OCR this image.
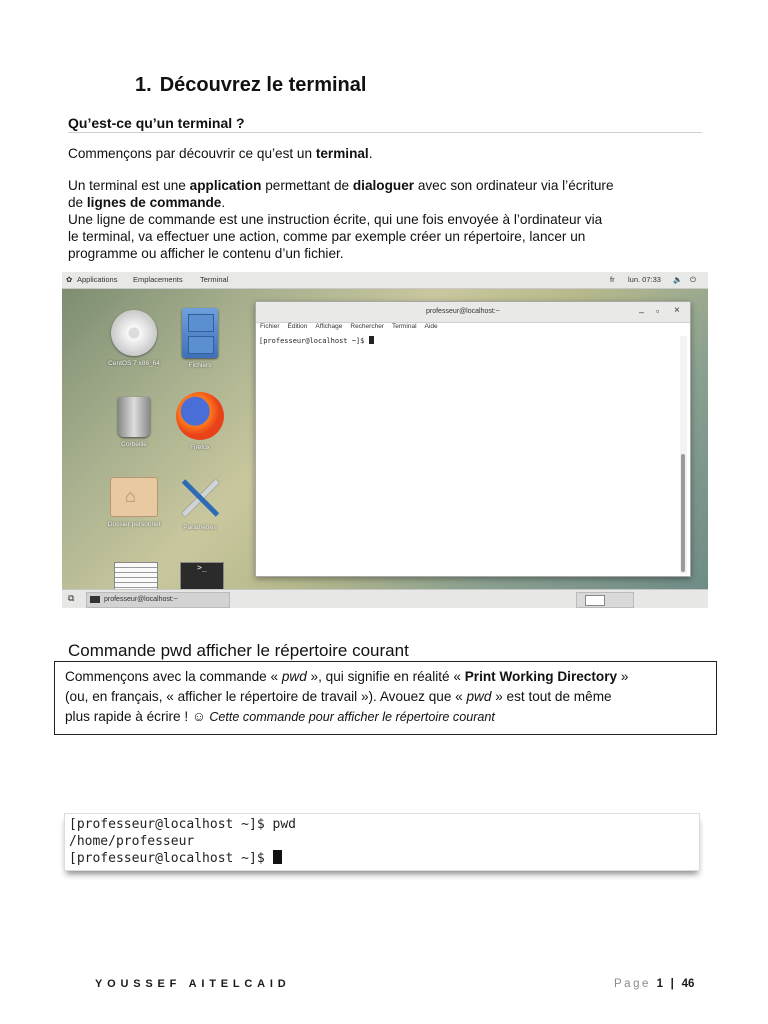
1. Découvrez le terminal
Qu’est-ce qu’un terminal ?
Commençons par découvrir ce qu’est un terminal.
Un terminal est une application permettant de dialoguer avec son ordinateur via l’écriture
de lignes de commande.
Une ligne de commande est une instruction écrite, qui une fois envoyée à l’ordinateur via
le terminal, va effectuer une action, comme par exemple créer un répertoire, lancer un
programme ou afficher le contenu d’un fichier.
✿ Applications Emplacements Terminal	fr lun. 07:33 🔈 ⏻
CentOS 7 x86_64	Fichiers
Corbeille	Firefox
⌂
Dossier personnel	Paramètres
>_
professeur@localhost:~	– ▫ ×
Fichier Édition Affichage Rechercher Terminal Aide
[professeur@localhost ~]$
⧉	professeur@localhost:~
Commande pwd afficher le répertoire courant
Commençons avec la commande « pwd », qui signifie en réalité « Print Working Directory »
(ou, en français, « afficher le répertoire de travail »). Avouez que « pwd » est tout de même
plus rapide à écrire ! ☺ Cette commande pour afficher le répertoire courant
[professeur@localhost ~]$ pwd
/home/professeur
[professeur@localhost ~]$
YOUSSEF AITELCAID	Page 1 | 46
